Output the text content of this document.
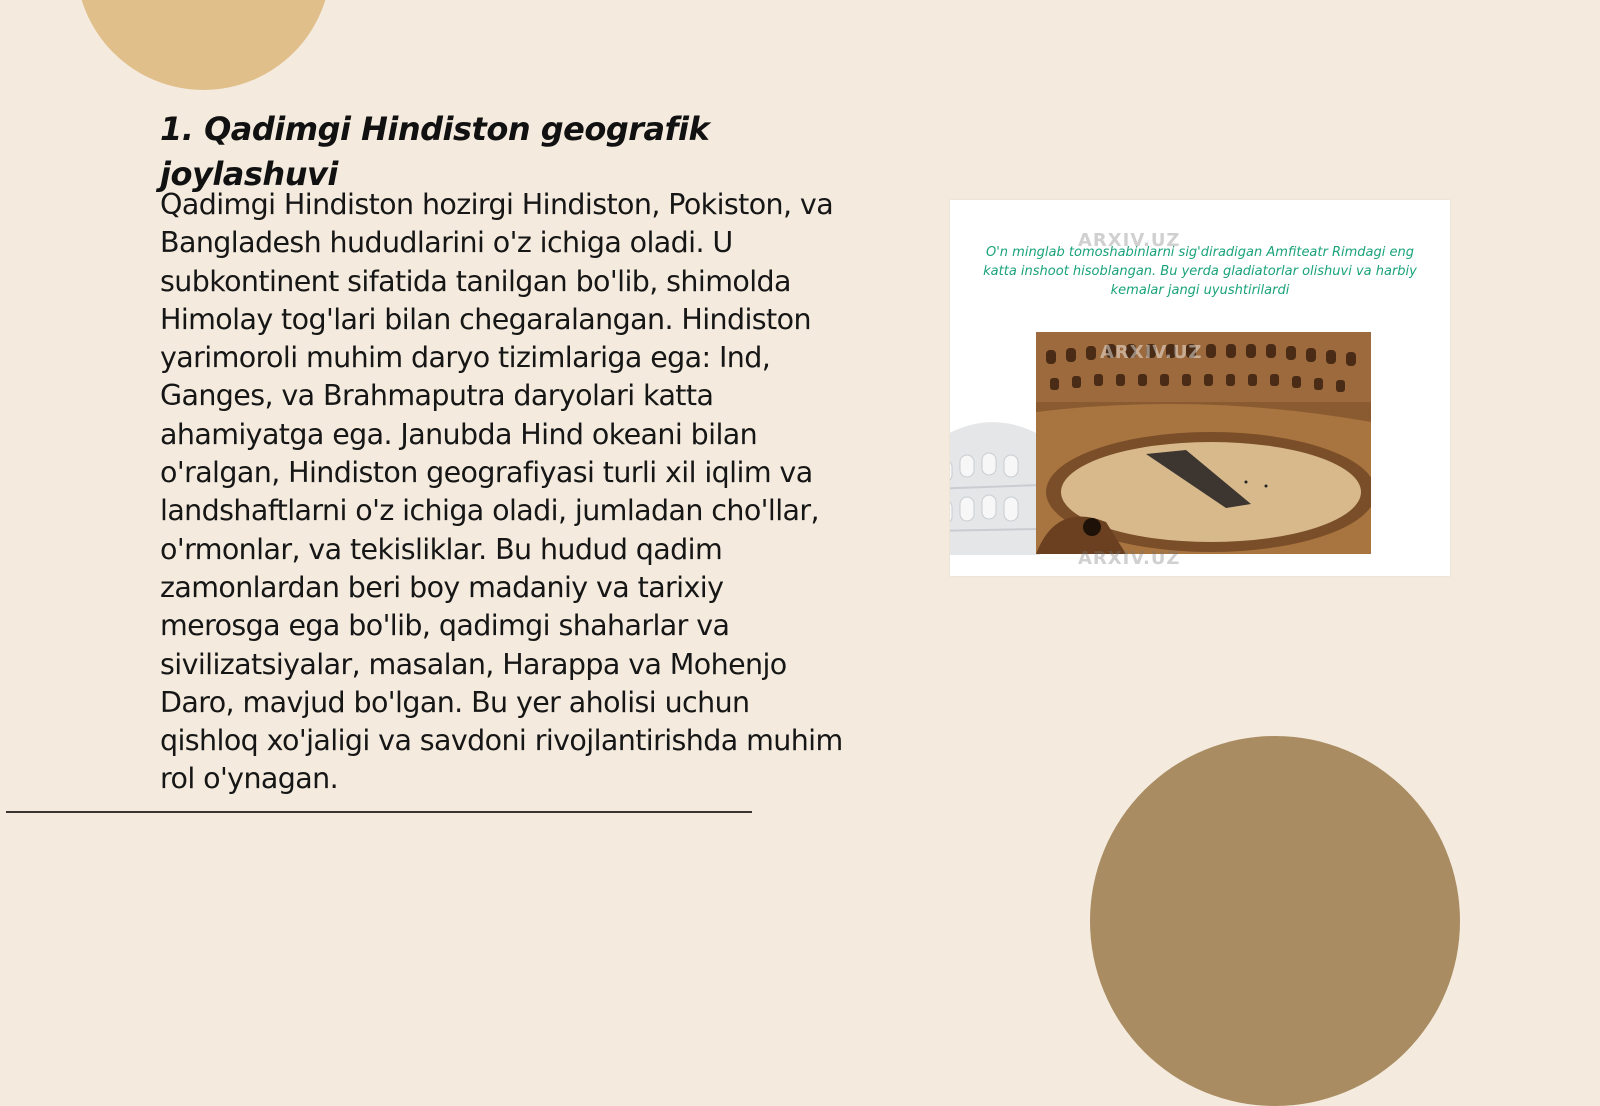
1. Qadimgi Hindiston geografik joylashuvi

Qadimgi Hindiston hozirgi Hindiston, Pokiston, va Bangladesh hududlarini o'z ichiga oladi. U subkontinent sifatida tanilgan bo'lib, shimolda Himolay tog'lari bilan chegaralangan. Hindiston yarimoroli muhim daryo tizimlariga ega: Ind, Ganges, va Brahmaputra daryolari katta ahamiyatga ega. Janubda Hind okeani bilan o'ralgan, Hindiston geografiyasi turli xil iqlim va landshaftlarni o'z ichiga oladi, jumladan cho'llar, o'rmonlar, va tekisliklar. Bu hudud qadim zamonlardan beri boy madaniy va tarixiy merosga ega bo'lib, qadimgi shaharlar va sivilizatsiyalar, masalan, Harappa va Mohenjo Daro, mavjud bo'lgan. Bu yer aholisi uchun qishloq xo'jaligi va savdoni rivojlantirishda muhim rol o'ynagan.

O'n minglab tomoshabinlarni sig'diradigan Amfiteatr Rimdagi eng katta inshoot hisoblangan. Bu yerda gladiatorlar olishuvi va harbiy kemalar jangi uyushtirilardi

ARXIV.UZ
ARXIV.UZ
ARXIV.UZ
